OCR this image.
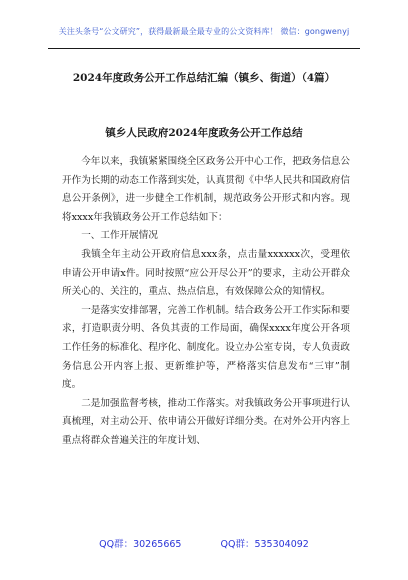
关注头条号“公文研究”，获得最新最全最专业的公文资料库！ 微信：gongwenyj
2024年度政务公开工作总结汇编（镇乡、街道）（4篇）
镇乡人民政府2024年度政务公开工作总结

今年以来，我镇紧紧围绕全区政务公开中心工作，把政务信息公开作为长期的动态工作落到实处，认真贯彻《中华人民共和国政府信息公开条例》，进一步健全工作机制，规范政务公开形式和内容。现将xxxx年我镇政务公开工作总结如下：

一、工作开展情况

我镇全年主动公开政府信息xxx条，点击量xxxxxx次，受理依申请公开申请x件。同时按照“应公开尽公开”的要求，主动公开群众所关心的、关注的，重点、热点信息，有效保障公众的知情权。

一是落实安排部署，完善工作机制。结合政务公开工作实际和要求，打造职责分明、各负其责的工作局面，确保xxxx年度公开各项工作任务的标准化、程序化、制度化。设立办公室专岗，专人负责政务信息公开内容上报、更新维护等，严格落实信息发布“三审”制度。

二是加强监督考核，推动工作落实。对我镇政务公开事项进行认真梳理，对主动公开、依申请公开做好详细分类。在对外公开内容上重点将群众普遍关注的年度计划、

QQ群：30265665	QQ群：535304092
